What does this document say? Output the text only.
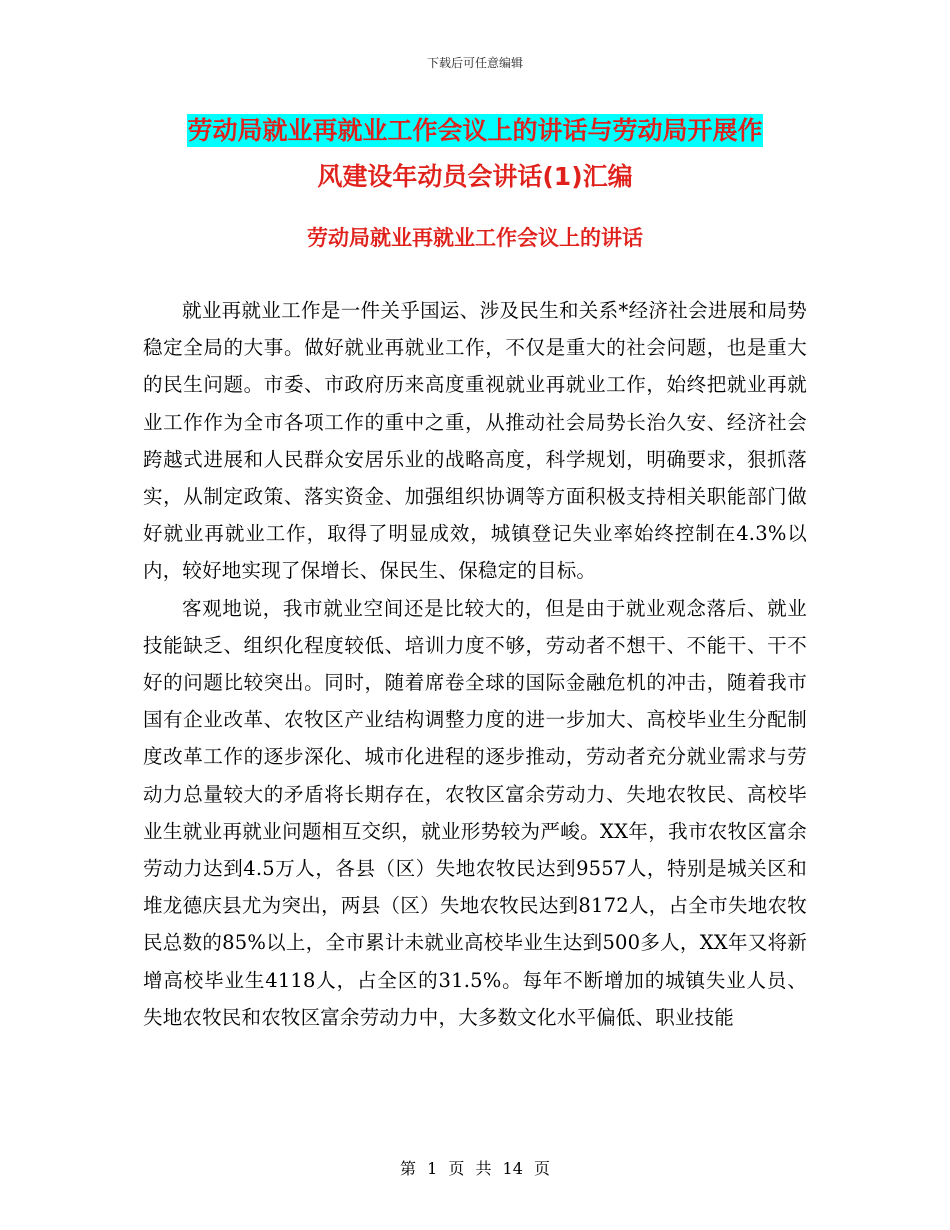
下载后可任意编辑
劳动局就业再就业工作会议上的讲话与劳动局开展作
风建设年动员会讲话(1)汇编
劳动局就业再就业工作会议上的讲话

就业再就业工作是一件关乎国运、涉及民生和关系*经济社会进展和局势稳定全局的大事。做好就业再就业工作，不仅是重大的社会问题，也是重大的民生问题。市委、市政府历来高度重视就业再就业工作，始终把就业再就业工作作为全市各项工作的重中之重，从推动社会局势长治久安、经济社会跨越式进展和人民群众安居乐业的战略高度，科学规划，明确要求，狠抓落实，从制定政策、落实资金、加强组织协调等方面积极支持相关职能部门做好就业再就业工作，取得了明显成效，城镇登记失业率始终控制在4.3%以内，较好地实现了保增长、保民生、保稳定的目标。

客观地说，我市就业空间还是比较大的，但是由于就业观念落后、就业技能缺乏、组织化程度较低、培训力度不够，劳动者不想干、不能干、干不好的问题比较突出。同时，随着席卷全球的国际金融危机的冲击，随着我市国有企业改革、农牧区产业结构调整力度的进一步加大、高校毕业生分配制度改革工作的逐步深化、城市化进程的逐步推动，劳动者充分就业需求与劳动力总量较大的矛盾将长期存在，农牧区富余劳动力、失地农牧民、高校毕业生就业再就业问题相互交织，就业形势较为严峻。XX年，我市农牧区富余劳动力达到4.5万人，各县（区）失地农牧民达到9557人，特别是城关区和堆龙德庆县尤为突出，两县（区）失地农牧民达到8172人，占全市失地农牧民总数的85%以上，全市累计未就业高校毕业生达到500多人，XX年又将新增高校毕业生4118人，占全区的31.5%。每年不断增加的城镇失业人员、失地农牧民和农牧区富余劳动力中，大多数文化水平偏低、职业技能

第 1 页 共 14 页
